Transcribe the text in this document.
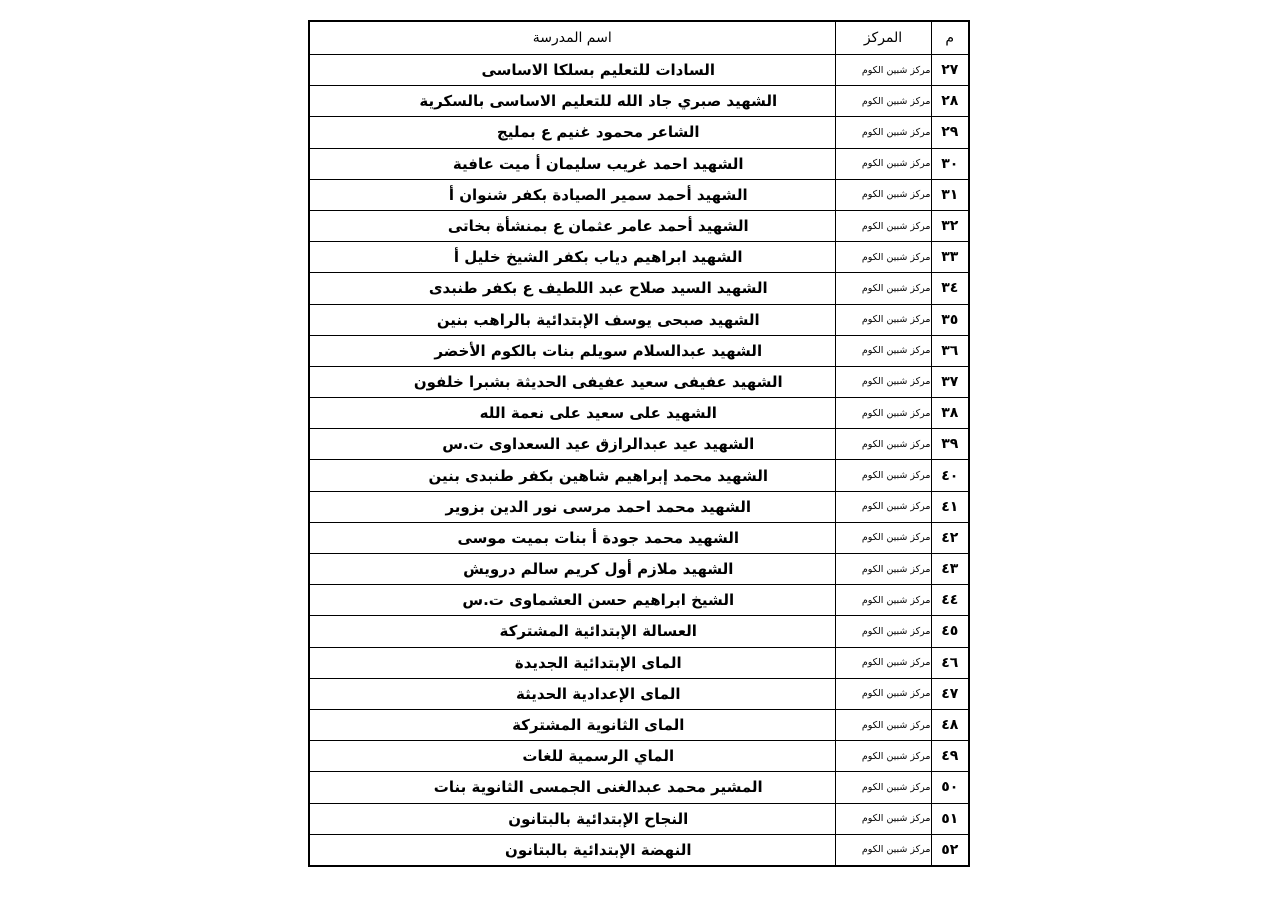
م	المركز	اسم المدرسة
٢٧	مركز شبين الكوم	السادات للتعليم بسلكا الاساسى
٢٨	مركز شبين الكوم	الشهيد صبري جاد الله للتعليم الاساسى بالسكرية
٢٩	مركز شبين الكوم	الشاعر محمود غنيم ع بمليج
٣٠	مركز شبين الكوم	الشهيد احمد غريب سليمان أ ميت عافية
٣١	مركز شبين الكوم	الشهيد أحمد سمير الصيادة بكفر شنوان أ
٣٢	مركز شبين الكوم	الشهيد أحمد عامر عثمان ع بمنشأة بخاتى
٣٣	مركز شبين الكوم	الشهيد ابراهيم دياب بكفر الشيخ خليل أ
٣٤	مركز شبين الكوم	الشهيد السيد صلاح عبد اللطيف ع بكفر طنبدى
٣٥	مركز شبين الكوم	الشهيد صبحى يوسف الإبتدائية بالراهب بنين
٣٦	مركز شبين الكوم	الشهيد عبدالسلام سويلم بنات بالكوم الأخضر
٣٧	مركز شبين الكوم	الشهيد عفيفى سعيد عفيفى الحديثة بشبرا خلفون
٣٨	مركز شبين الكوم	الشهيد على سعيد على نعمة الله
٣٩	مركز شبين الكوم	الشهيد عيد عبدالرازق عيد السعداوى ت.س
٤٠	مركز شبين الكوم	الشهيد محمد إبراهيم شاهين بكفر طنبدى بنين
٤١	مركز شبين الكوم	الشهيد محمد احمد مرسى نور الدين بزوير
٤٢	مركز شبين الكوم	الشهيد محمد جودة أ بنات بميت موسى
٤٣	مركز شبين الكوم	الشهيد ملازم أول كريم سالم درويش
٤٤	مركز شبين الكوم	الشيخ ابراهيم حسن العشماوى ت.س
٤٥	مركز شبين الكوم	العسالة الإبتدائية المشتركة
٤٦	مركز شبين الكوم	الماى الإبتدائية الجديدة
٤٧	مركز شبين الكوم	الماى الإعدادية الحديثة
٤٨	مركز شبين الكوم	الماى الثانوية المشتركة
٤٩	مركز شبين الكوم	الماي الرسمية للغات
٥٠	مركز شبين الكوم	المشير محمد عبدالغنى الجمسى الثانوية بنات
٥١	مركز شبين الكوم	النجاح الإبتدائية بالبتانون
٥٢	مركز شبين الكوم	النهضة الإبتدائية بالبتانون
